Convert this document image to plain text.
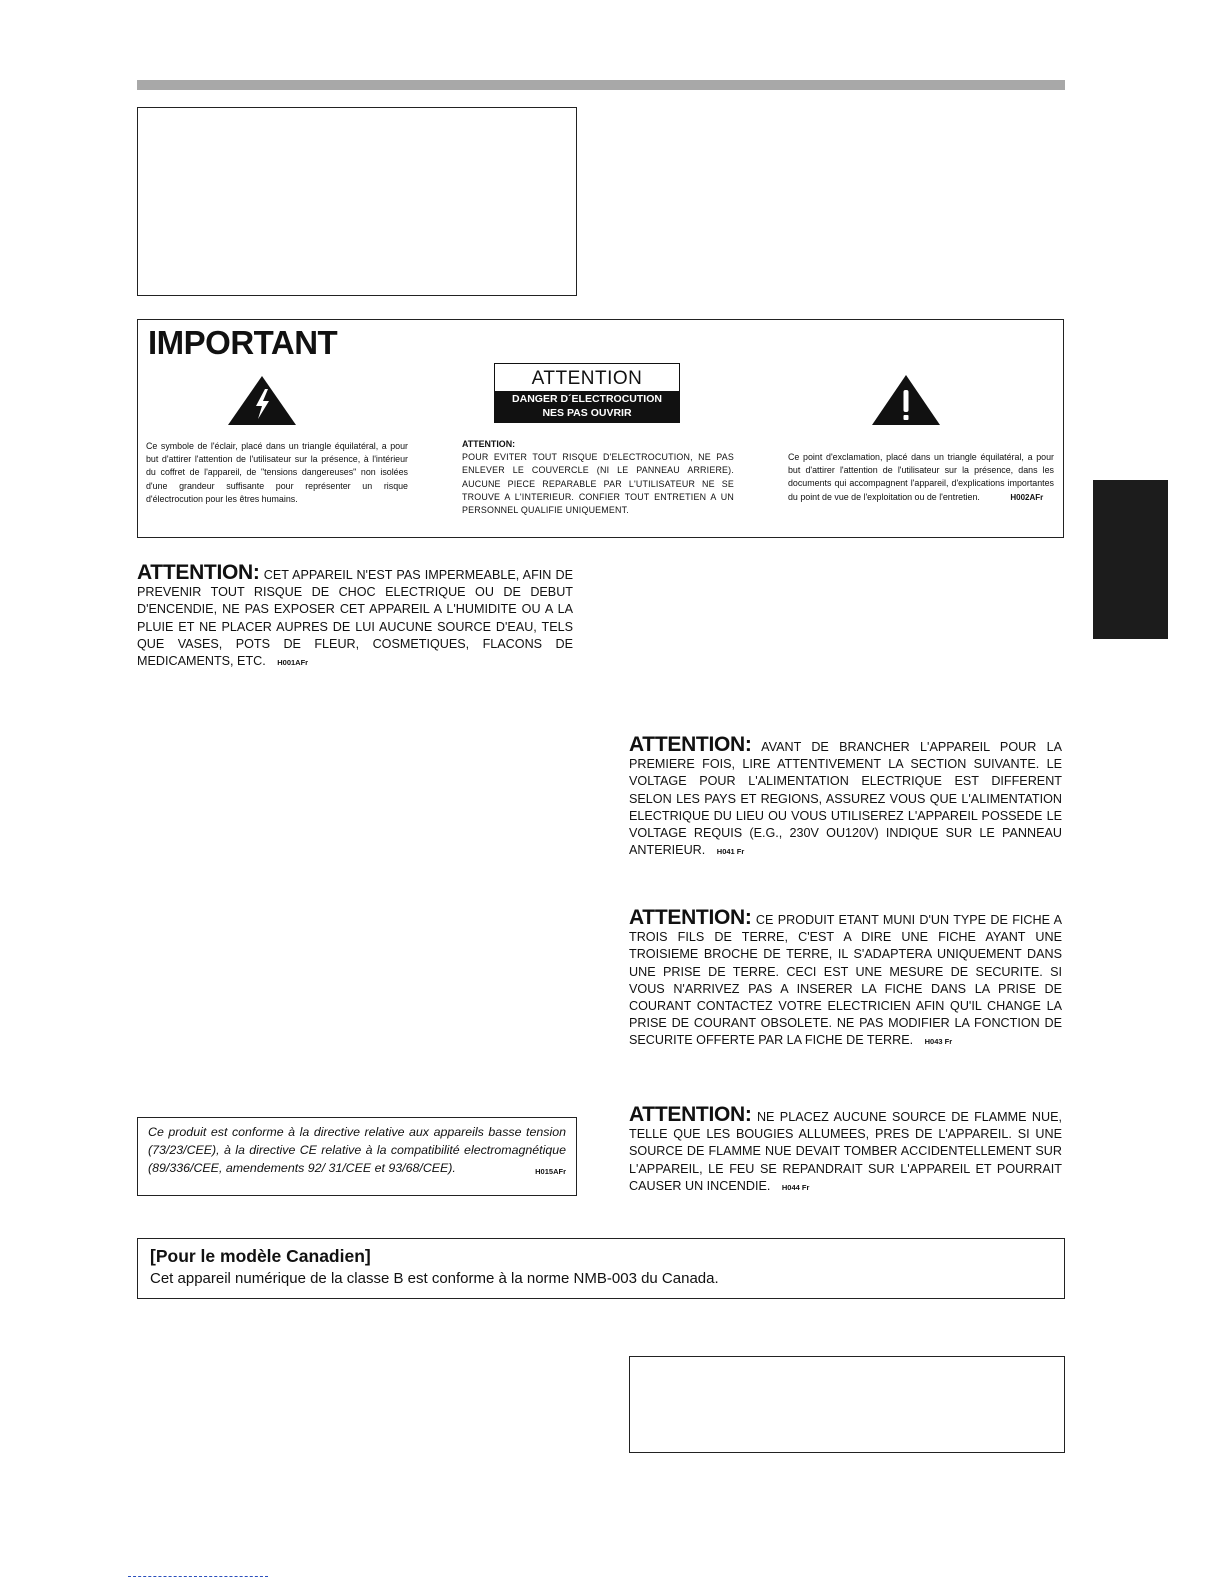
IMPORTANT
ATTENTION
DANGER D´ELECTROCUTION
NES PAS OUVRIR
Ce symbole de l'éclair, placé dans un triangle équilatéral, a pour but d'attirer l'attention de l'utilisateur sur la présence, à l'intérieur du coffret de l'appareil, de "tensions dangereuses" non isolées d'une grandeur suffisante pour représenter un risque d'électrocution pour les êtres humains.
ATTENTION:
POUR EVITER TOUT RISQUE D'ELECTROCUTION, NE PAS ENLEVER LE COUVERCLE (NI LE PANNEAU ARRIERE). AUCUNE PIECE REPARABLE PAR L'UTILISATEUR NE SE TROUVE A L'INTERIEUR. CONFIER TOUT ENTRETIEN A UN PERSONNEL QUALIFIE UNIQUEMENT.
Ce point d'exclamation, placé dans un triangle équilatéral, a pour but d'attirer l'attention de l'utilisateur sur la présence, dans les documents qui accompagnent l'appareil, d'explications importantes du point de vue de l'exploitation ou de l'entretien.	H002AFr
ATTENTION: CET APPAREIL N'EST PAS IMPERMEABLE, AFIN DE PREVENIR TOUT RISQUE DE CHOC ELECTRIQUE OU DE DEBUT D'ENCENDIE, NE PAS EXPOSER CET APPAREIL A L'HUMIDITE OU A LA PLUIE ET NE PLACER AUPRES DE LUI AUCUNE SOURCE D'EAU, TELS QUE VASES, POTS DE FLEUR, COSMETIQUES, FLACONS DE MEDICAMENTS, ETC. H001AFr
ATTENTION: AVANT DE BRANCHER L'APPAREIL POUR LA PREMIERE FOIS, LIRE ATTENTIVEMENT LA SECTION SUIVANTE. LE VOLTAGE POUR L'ALIMENTATION ELECTRIQUE EST DIFFERENT SELON LES PAYS ET REGIONS, ASSUREZ VOUS QUE L'ALIMENTATION ELECTRIQUE DU LIEU OU VOUS UTILISEREZ L'APPAREIL POSSEDE LE VOLTAGE REQUIS (E.G., 230V OU120V) INDIQUE SUR LE PANNEAU ANTERIEUR. H041 Fr
ATTENTION: CE PRODUIT ETANT MUNI D'UN TYPE DE FICHE A TROIS FILS DE TERRE, C'EST A DIRE UNE FICHE AYANT UNE TROISIEME BROCHE DE TERRE, IL S'ADAPTERA UNIQUEMENT DANS UNE PRISE DE TERRE. CECI EST UNE MESURE DE SECURITE. SI VOUS N'ARRIVEZ PAS A INSERER LA FICHE DANS LA PRISE DE COURANT CONTACTEZ VOTRE ELECTRICIEN AFIN QU'IL CHANGE LA PRISE DE COURANT OBSOLETE. NE PAS MODIFIER LA FONCTION DE SECURITE OFFERTE PAR LA FICHE DE TERRE. H043 Fr
ATTENTION: NE PLACEZ AUCUNE SOURCE DE FLAMME NUE, TELLE QUE LES BOUGIES ALLUMEES, PRES DE L'APPAREIL. SI UNE SOURCE DE FLAMME NUE DEVAIT TOMBER ACCIDENTELLEMENT SUR L'APPAREIL, LE FEU SE REPANDRAIT SUR L'APPAREIL ET POURRAIT CAUSER UN INCENDIE. H044 Fr

Ce produit est conforme à la directive relative aux appareils basse tension (73/23/CEE), à la directive CE relative à la compatibilité electromagnétique (89/336/CEE, amendements 92/ 31/CEE et 93/68/CEE).	H015AFr

[Pour le modèle Canadien]
Cet appareil numérique de la classe B est conforme à la norme NMB-003 du Canada.
